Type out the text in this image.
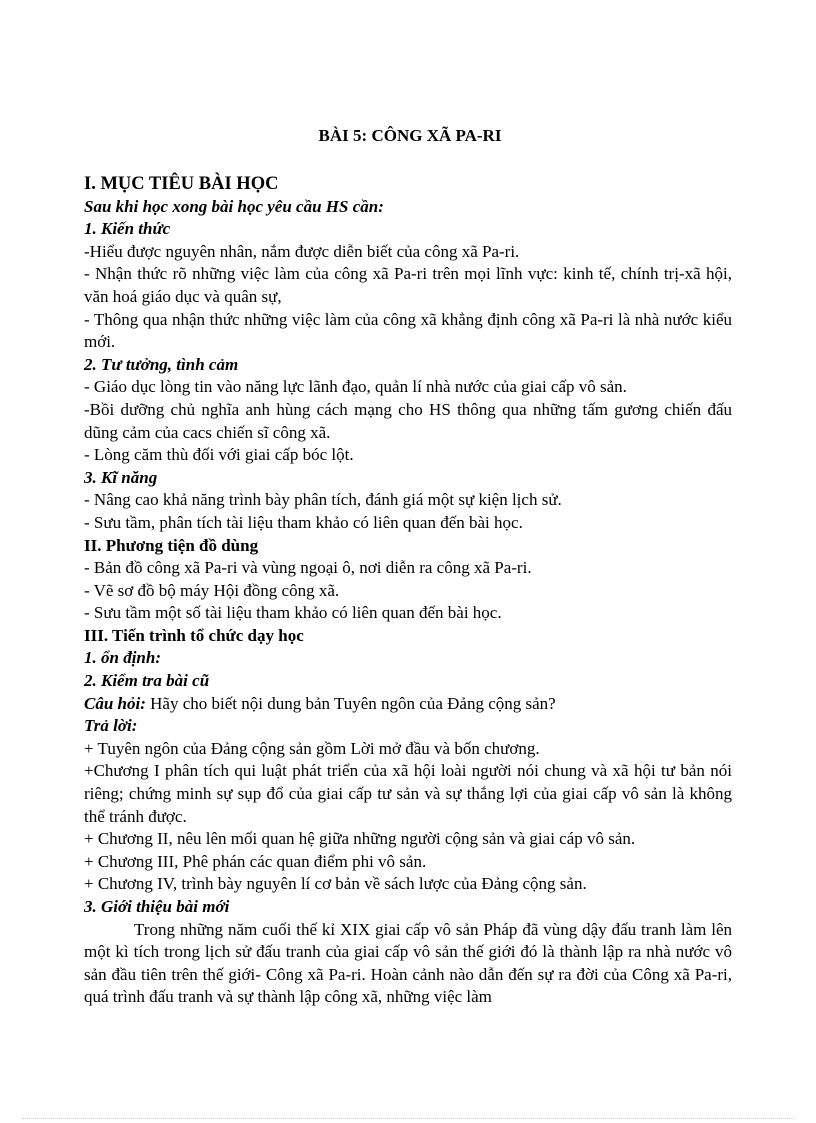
BÀI 5: CÔNG XÃ PA-RI

I. MỤC TIÊU BÀI HỌC

Sau khi học xong bài học yêu cầu HS cần:

1. Kiến thức

-Hiểu được nguyên nhân, nắm được diễn biết của công xã Pa-ri.

- Nhận thức rõ những việc làm của công xã Pa-ri trên mọi lĩnh vực: kinh tế, chính trị-xã hội, văn hoá giáo dục và quân sự,

- Thông qua nhận thức những việc làm của công xã khẳng định công xã Pa-ri là nhà nước kiểu mới.

2. Tư tưởng, tình cảm

- Giáo dục lòng tin vào năng lực lãnh đạo, quản lí nhà nước của giai cấp vô sản.

-Bồi dưỡng chủ nghĩa anh hùng cách mạng cho HS thông qua những tấm gương chiến đấu dũng cảm của cacs chiến sĩ công xã.

- Lòng căm thù đối với giai cấp bóc lột.

3. Kĩ năng

- Nâng cao khả năng trình bày phân tích, đánh giá một sự kiện lịch sử.

- Sưu tầm, phân tích tài liệu tham khảo có liên quan đến bài học.

II. Phương tiện đồ dùng

- Bản đồ công xã Pa-ri và vùng ngoại ô, nơi diễn ra công xã Pa-ri.

- Vẽ sơ đồ bộ máy Hội đồng công xã.

- Sưu tầm một số tài liệu tham khảo có liên quan đến bài học.

III. Tiến trình tổ chức dạy học

1. ổn định:

2. Kiểm tra bài cũ

Câu hỏi: Hãy cho biết nội dung bản Tuyên ngôn của Đảng cộng sản?

Trả lời:

+ Tuyên ngôn của Đảng cộng sản gồm Lời mở đầu và bốn chương.

+Chương I phân tích qui luật phát triển của xã hội loài người nói chung và xã hội tư bản nói riêng; chứng minh sự sụp đổ của giai cấp tư sản và sự thắng lợi của giai cấp vô sản là không thể tránh được.

+ Chương II, nêu lên mối quan hệ giữa những người cộng sản và giai cáp vô sản.

+ Chương III, Phê phán các quan điểm phi vô sản.

+ Chương IV, trình bày nguyên lí cơ bản về sách lược của Đảng cộng sản.

3. Giới thiệu bài mới

Trong những năm cuối thế kỉ XIX giai cấp vô sản Pháp đã vùng dậy đấu tranh làm lên một kì tích trong lịch sử đấu tranh của giai cấp vô sản thế giới đó là thành lập ra nhà nước vô sản đầu tiên trên thế giới- Công xã Pa-ri. Hoàn cảnh nào dẫn đến sự ra đời của Công xã Pa-ri, quá trình đấu tranh và sự thành lập công xã, những việc làm
